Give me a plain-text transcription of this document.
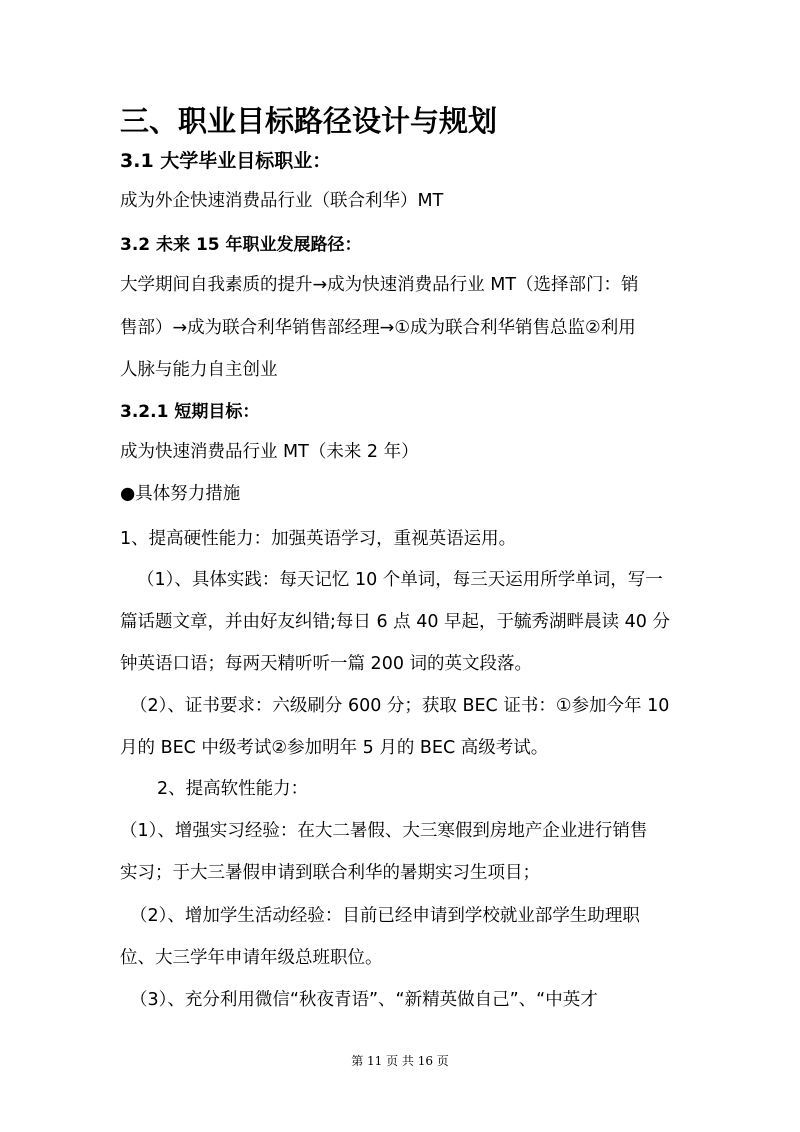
三、职业目标路径设计与规划
3.1 大学毕业目标职业：

成为外企快速消费品行业（联合利华）MT

3.2 未来 15 年职业发展路径：

大学期间自我素质的提升→成为快速消费品行业 MT（选择部门：销

售部）→成为联合利华销售部经理→①成为联合利华销售总监②利用

人脉与能力自主创业

3.2.1 短期目标：

成为快速消费品行业 MT（未来 2 年）

●具体努力措施

1、提高硬性能力：加强英语学习，重视英语运用。

（1）、具体实践：每天记忆 10 个单词，每三天运用所学单词，写一

篇话题文章，并由好友纠错;每日 6 点 40 早起，于毓秀湖畔晨读 40 分

钟英语口语；每两天精听听一篇 200 词的英文段落。

（2）、证书要求：六级刷分 600 分；获取 BEC 证书：①参加今年 10

月的 BEC 中级考试②参加明年 5 月的 BEC 高级考试。

2、提高软性能力：

（1）、增强实习经验：在大二暑假、大三寒假到房地产企业进行销售

实习；于大三暑假申请到联合利华的暑期实习生项目；

（2）、增加学生活动经验：目前已经申请到学校就业部学生助理职

位、大三学年申请年级总班职位。

（3）、充分利用微信“秋夜青语”、“新精英做自己”、“中英才

第 11 页 共 16 页
